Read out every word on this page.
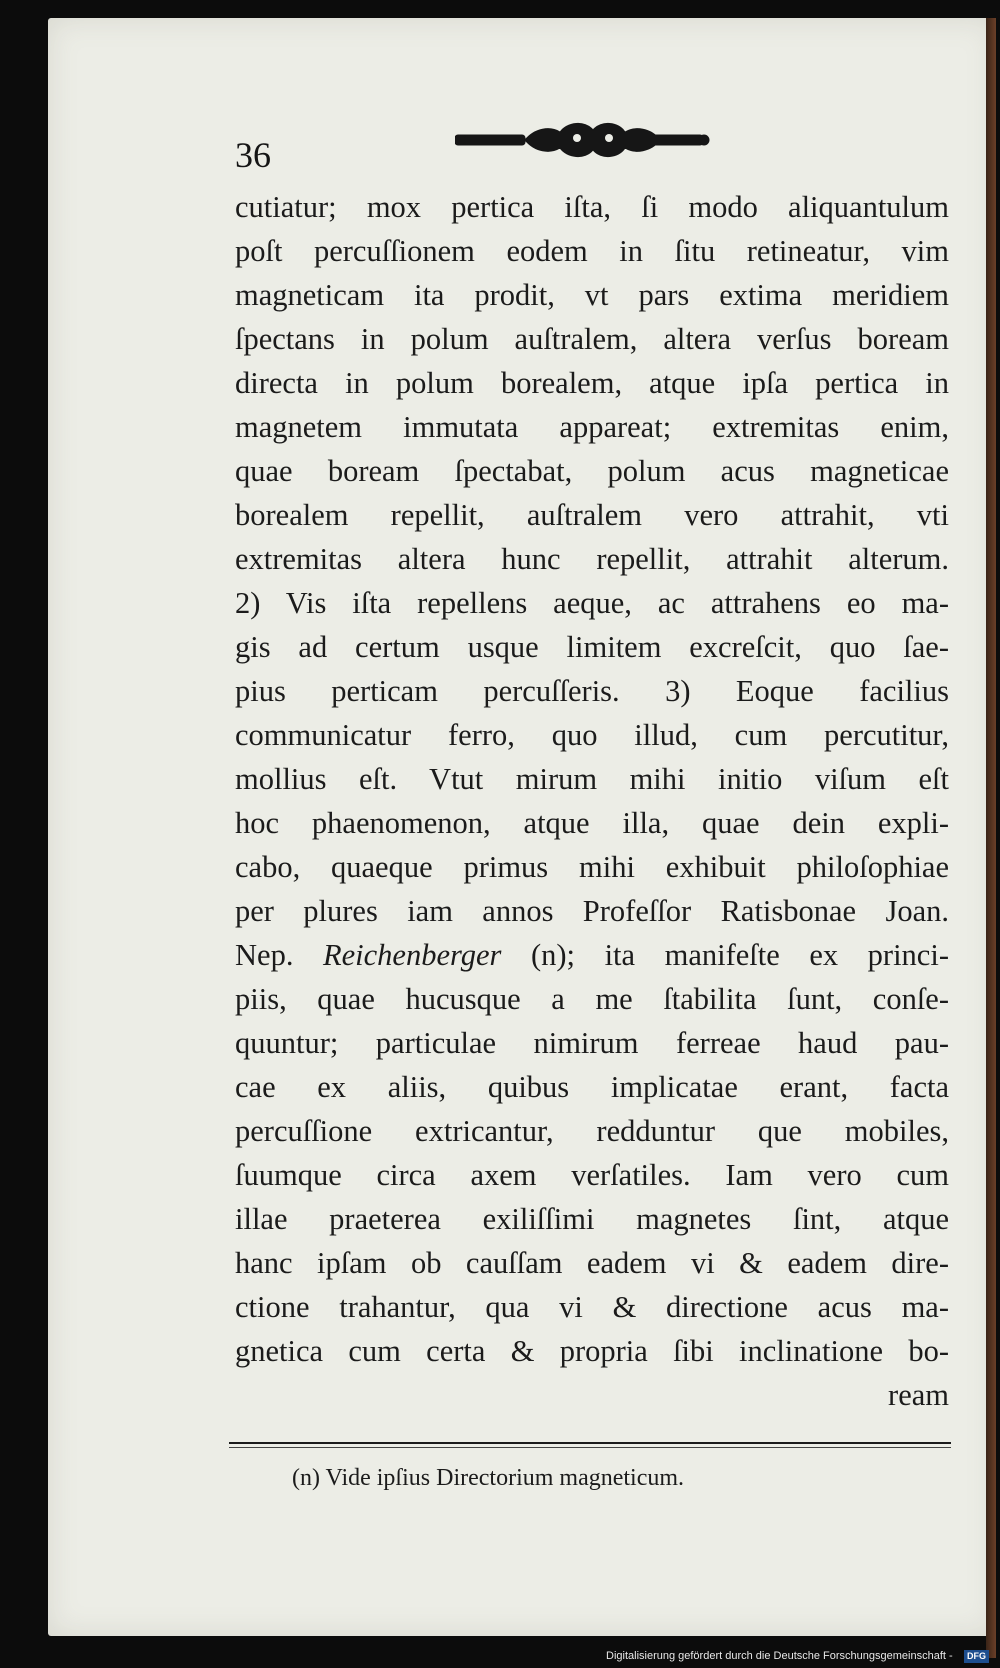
36
cutiatur; mox pertica iſta, ſi modo aliquantulum
poſt percuſſionem eodem in ſitu retineatur, vim
magneticam ita prodit, vt pars extima meridiem
ſpectans in polum auſtralem, altera verſus boream
directa in polum borealem, atque ipſa pertica in
magnetem immutata appareat; extremitas enim,
quae boream ſpectabat, polum acus magneticae
borealem repellit, auſtralem vero attrahit, vti
extremitas altera hunc repellit, attrahit alterum.
2) Vis iſta repellens aeque, ac attrahens eo ma-
gis ad certum usque limitem excreſcit, quo ſae-
pius perticam percuſſeris. 3) Eoque facilius
communicatur ferro, quo illud, cum percutitur,
mollius eſt. Vtut mirum mihi initio viſum eſt
hoc phaenomenon, atque illa, quae dein expli-
cabo, quaeque primus mihi exhibuit philoſophiae
per plures iam annos Profeſſor Ratisbonae Joan.
Nep. Reichenberger (n); ita manifeſte ex princi-
piis, quae hucusque a me ſtabilita ſunt, conſe-
quuntur; particulae nimirum ferreae haud pau-
cae ex aliis, quibus implicatae erant, facta
percuſſione extricantur, redduntur que mobiles,
ſuumque circa axem verſatiles. Iam vero cum
illae praeterea exiliſſimi magnetes ſint, atque
hanc ipſam ob cauſſam eadem vi & eadem dire-
ctione trahantur, qua vi & directione acus ma-
gnetica cum certa & propria ſibi inclinatione bo-
ream
(n) Vide ipſius Directorium magneticum.
Digitalisierung gefördert durch die Deutsche Forschungsgemeinschaft -	DFG
